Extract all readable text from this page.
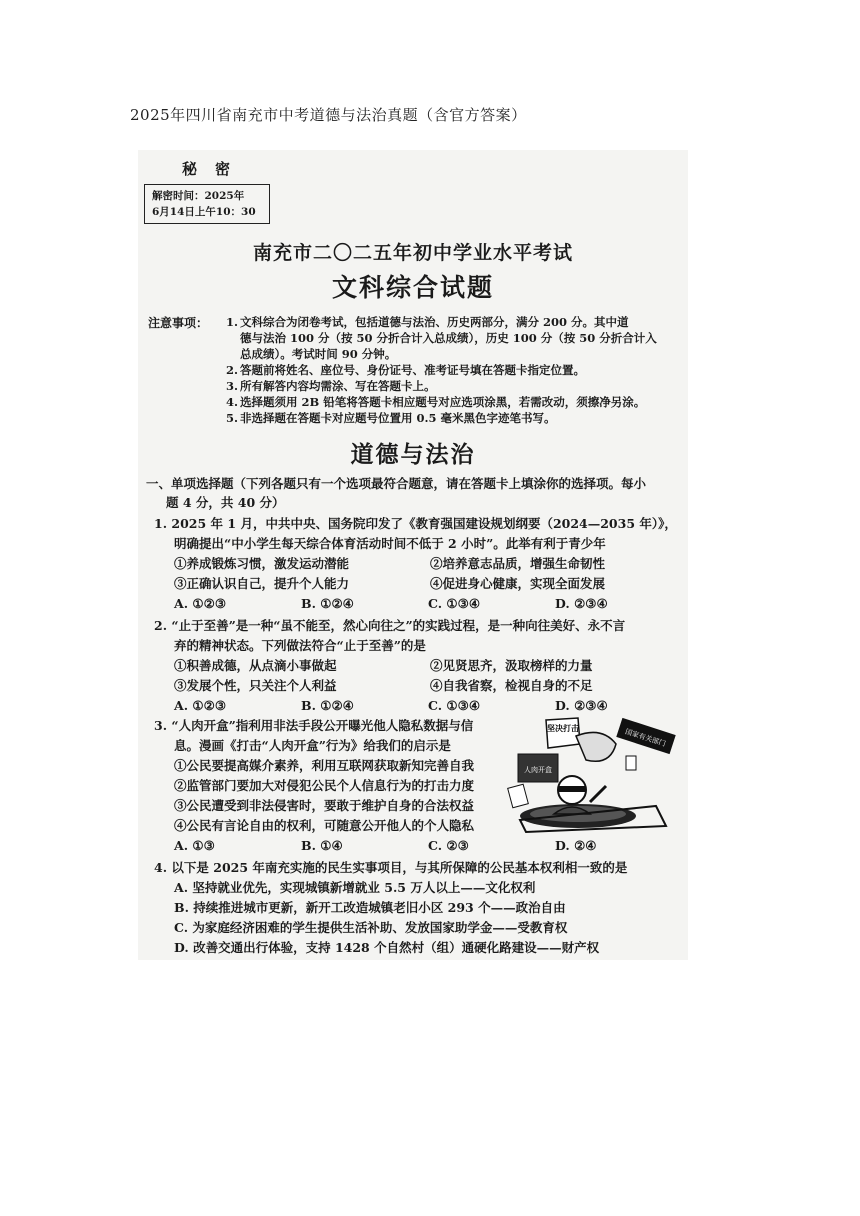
2025年四川省南充市中考道德与法治真题（含官方答案）
秘密
解密时间：2025年
6月14日上午10：30
南充市二〇二五年初中学业水平考试
文科综合试题
注意事项： 1. 文科综合为闭卷考试，包括道德与法治、历史两部分，满分 200 分。其中道
德与法治 100 分（按 50 分折合计入总成绩），历史 100 分（按 50 分折合计入
总成绩）。考试时间 90 分钟。
2. 答题前将姓名、座位号、身份证号、准考证号填在答题卡指定位置。
3. 所有解答内容均需涂、写在答题卡上。
4. 选择题须用 2B 铅笔将答题卡相应题号对应选项涂黑，若需改动，须擦净另涂。
5. 非选择题在答题卡对应题号位置用 0.5 毫米黑色字迹笔书写。
道德与法治
一、单项选择题（下列各题只有一个选项最符合题意，请在答题卡上填涂你的选择项。每小
题 4 分，共 40 分）
1. 2025 年 1 月，中共中央、国务院印发了《教育强国建设规划纲要（2024—2035 年）》，
明确提出“中小学生每天综合体育活动时间不低于 2 小时”。此举有利于青少年
①养成锻炼习惯，激发运动潜能	②培养意志品质，增强生命韧性
③正确认识自己，提升个人能力	④促进身心健康，实现全面发展
A. ①②③	B. ①②④	C. ①③④	D. ②③④
2. “止于至善”是一种“虽不能至，然心向往之”的实践过程，是一种向往美好、永不言
弃的精神状态。下列做法符合“止于至善”的是
①积善成德，从点滴小事做起	②见贤思齐，汲取榜样的力量
③发展个性，只关注个人利益	④自我省察，检视自身的不足
A. ①②③	B. ①②④	C. ①③④	D. ②③④
3. “人肉开盒”指利用非法手段公开曝光他人隐私数据与信
息。漫画《打击“人肉开盒”行为》给我们的启示是
①公民要提高媒介素养，利用互联网获取新知完善自我
②监管部门要加大对侵犯公民个人信息行为的打击力度
③公民遭受到非法侵害时，要敢于维护自身的合法权益
④公民有言论自由的权利，可随意公开他人的个人隐私
A. ①③	B. ①④	C. ②③	D. ②④
坚决打击
人肉开盒
国家有关部门
4. 以下是 2025 年南充实施的民生实事项目，与其所保障的公民基本权利相一致的是
A. 坚持就业优先，实现城镇新增就业 5.5 万人以上——文化权利
B. 持续推进城市更新，新开工改造城镇老旧小区 293 个——政治自由
C. 为家庭经济困难的学生提供生活补助、发放国家助学金——受教育权
D. 改善交通出行体验，支持 1428 个自然村（组）通硬化路建设——财产权
